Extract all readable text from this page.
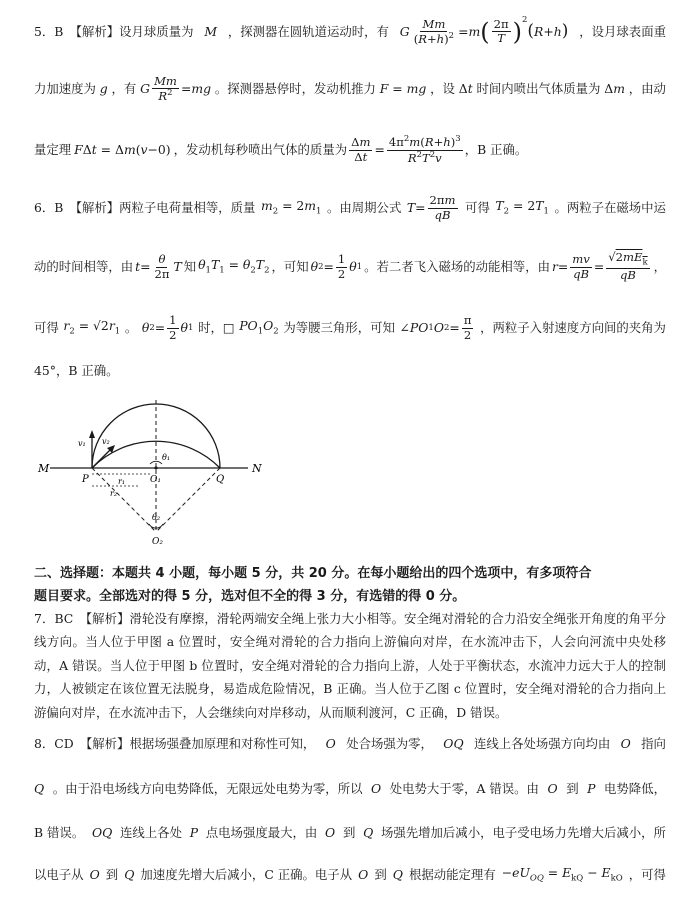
5．B　【解析】设月球质量为 M ，探测器在圆轨道运动时，有 G $\frac{Mm}{(R+h)^2} = m$ ( $\frac{2\pi}{T} )^2$
( R + h ) ，设月球表面重
力加速度为 g ，有 G $\frac{Mm}{R^2}$ = mg 。探测器悬停时，发动机推力 F = mg ，设 Δt 时间内喷出气体质量为 Δm ，由动
量定理 FΔt = Δm(v−0) ，发动机每秒喷出气体的质量为 $\frac{\Delta m}{\Delta t} = \frac{4\pi^2m(R+h)^3}{R^2T^2v}$ ，B 正确。
6．B　【解析】两粒子电荷量相等，质量 $m_2 = 2m_1$ 。由周期公式 $T = \frac{2\pi m}{qB}$ 可得 $T_2 = 2T_1$ 。两粒子在磁场中运
动的时间相等，由 $t = \frac{\theta}{2\pi}$ T 知 $\theta_1T_1 = \theta_2T_2$ ，可知 θ $2 = \frac{1}{2}$ θ 1 。若二者飞入磁场的动能相等，由 $r = \frac{mv}{qB} = \frac{√2mE_k}{qB}$ ，
可得 $r_2 = √2r_1$ 。 θ $2 = \frac{1}{2}$ θ 1 时，□ $PO_1O_2$ 为等腰三角形，可知 ∠ PO 1 O $2 = \frac{\pi}{2}$ ，两粒子入射速度方向间的夹角为
45°，B 正确。
M	N
P	Q
O₁
O₂
θ₁
θ₂
v₁ v₂
r₁
r₂
二、选择题：本题共 4 小题，每小题 5 分，共 20 分。在每小题给出的四个选项中，有多项符合
题目要求。全部选对的得 5 分，选对但不全的得 3 分，有选错的得 0 分。
7．BC　【解析】滑轮没有摩擦，滑轮两端安全绳上张力大小相等。安全绳对滑轮的合力沿安全绳张开角度的角平分线方向。当人位于甲图 a 位置时，安全绳对滑轮的合力指向上游偏向对岸，在水流冲击下，人会向河流中央处移动，A 错误。当人位于甲图 b 位置时，安全绳对滑轮的合力指向上游，人处于平衡状态，水流冲力远大于人的控制力，人被锁定在该位置无法脱身，易造成危险情况，B 正确。当人位于乙图 c 位置时，安全绳对滑轮的合力指向上游偏向对岸，在水流冲击下，人会继续向对岸移动，从而顺利渡河，C 正确，D 错误。
8．CD　【解析】根据场强叠加原理和对称性可知， O 处合场强为零， OQ 连线上各处场强方向均由 O 指向
Q 。由于沿电场线方向电势降低，无限远处电势为零，所以 O 处电势大于零，A 错误。由 O 到 P 电势降低，
B 错误。 OQ 连线上各处 P 点电场强度最大，由 O 到 Q 场强先增加后减小，电子受电场力先增大后减小，所
以电子从 O 到 Q 加速度先增大后减小，C 正确。电子从 O 到 Q 根据动能定理有 $-eU_{OQ} = E_{kQ} - E_{kO}$ ，可得
